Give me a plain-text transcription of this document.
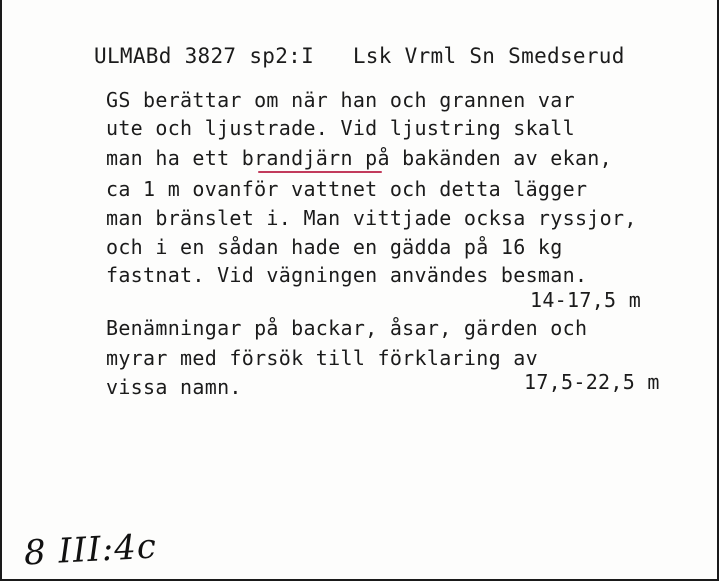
ULMABd 3827 sp2:I   Lsk Vrml Sn Smedserud
GS berättar om när han och grannen var
ute och ljustrade. Vid ljustring skall
man ha ett brandjärn på bakänden av ekan,
ca 1 m ovanför vattnet och detta lägger
man bränslet i. Man vittjade ocksa ryssjor,
och i en sådan hade en gädda på 16 kg
fastnat. Vid vägningen användes besman.
14-17,5 m
Benämningar på backar, åsar, gärden och
myrar med försök till förklaring av
vissa namn.	17,5-22,5 m
8 III:4c
